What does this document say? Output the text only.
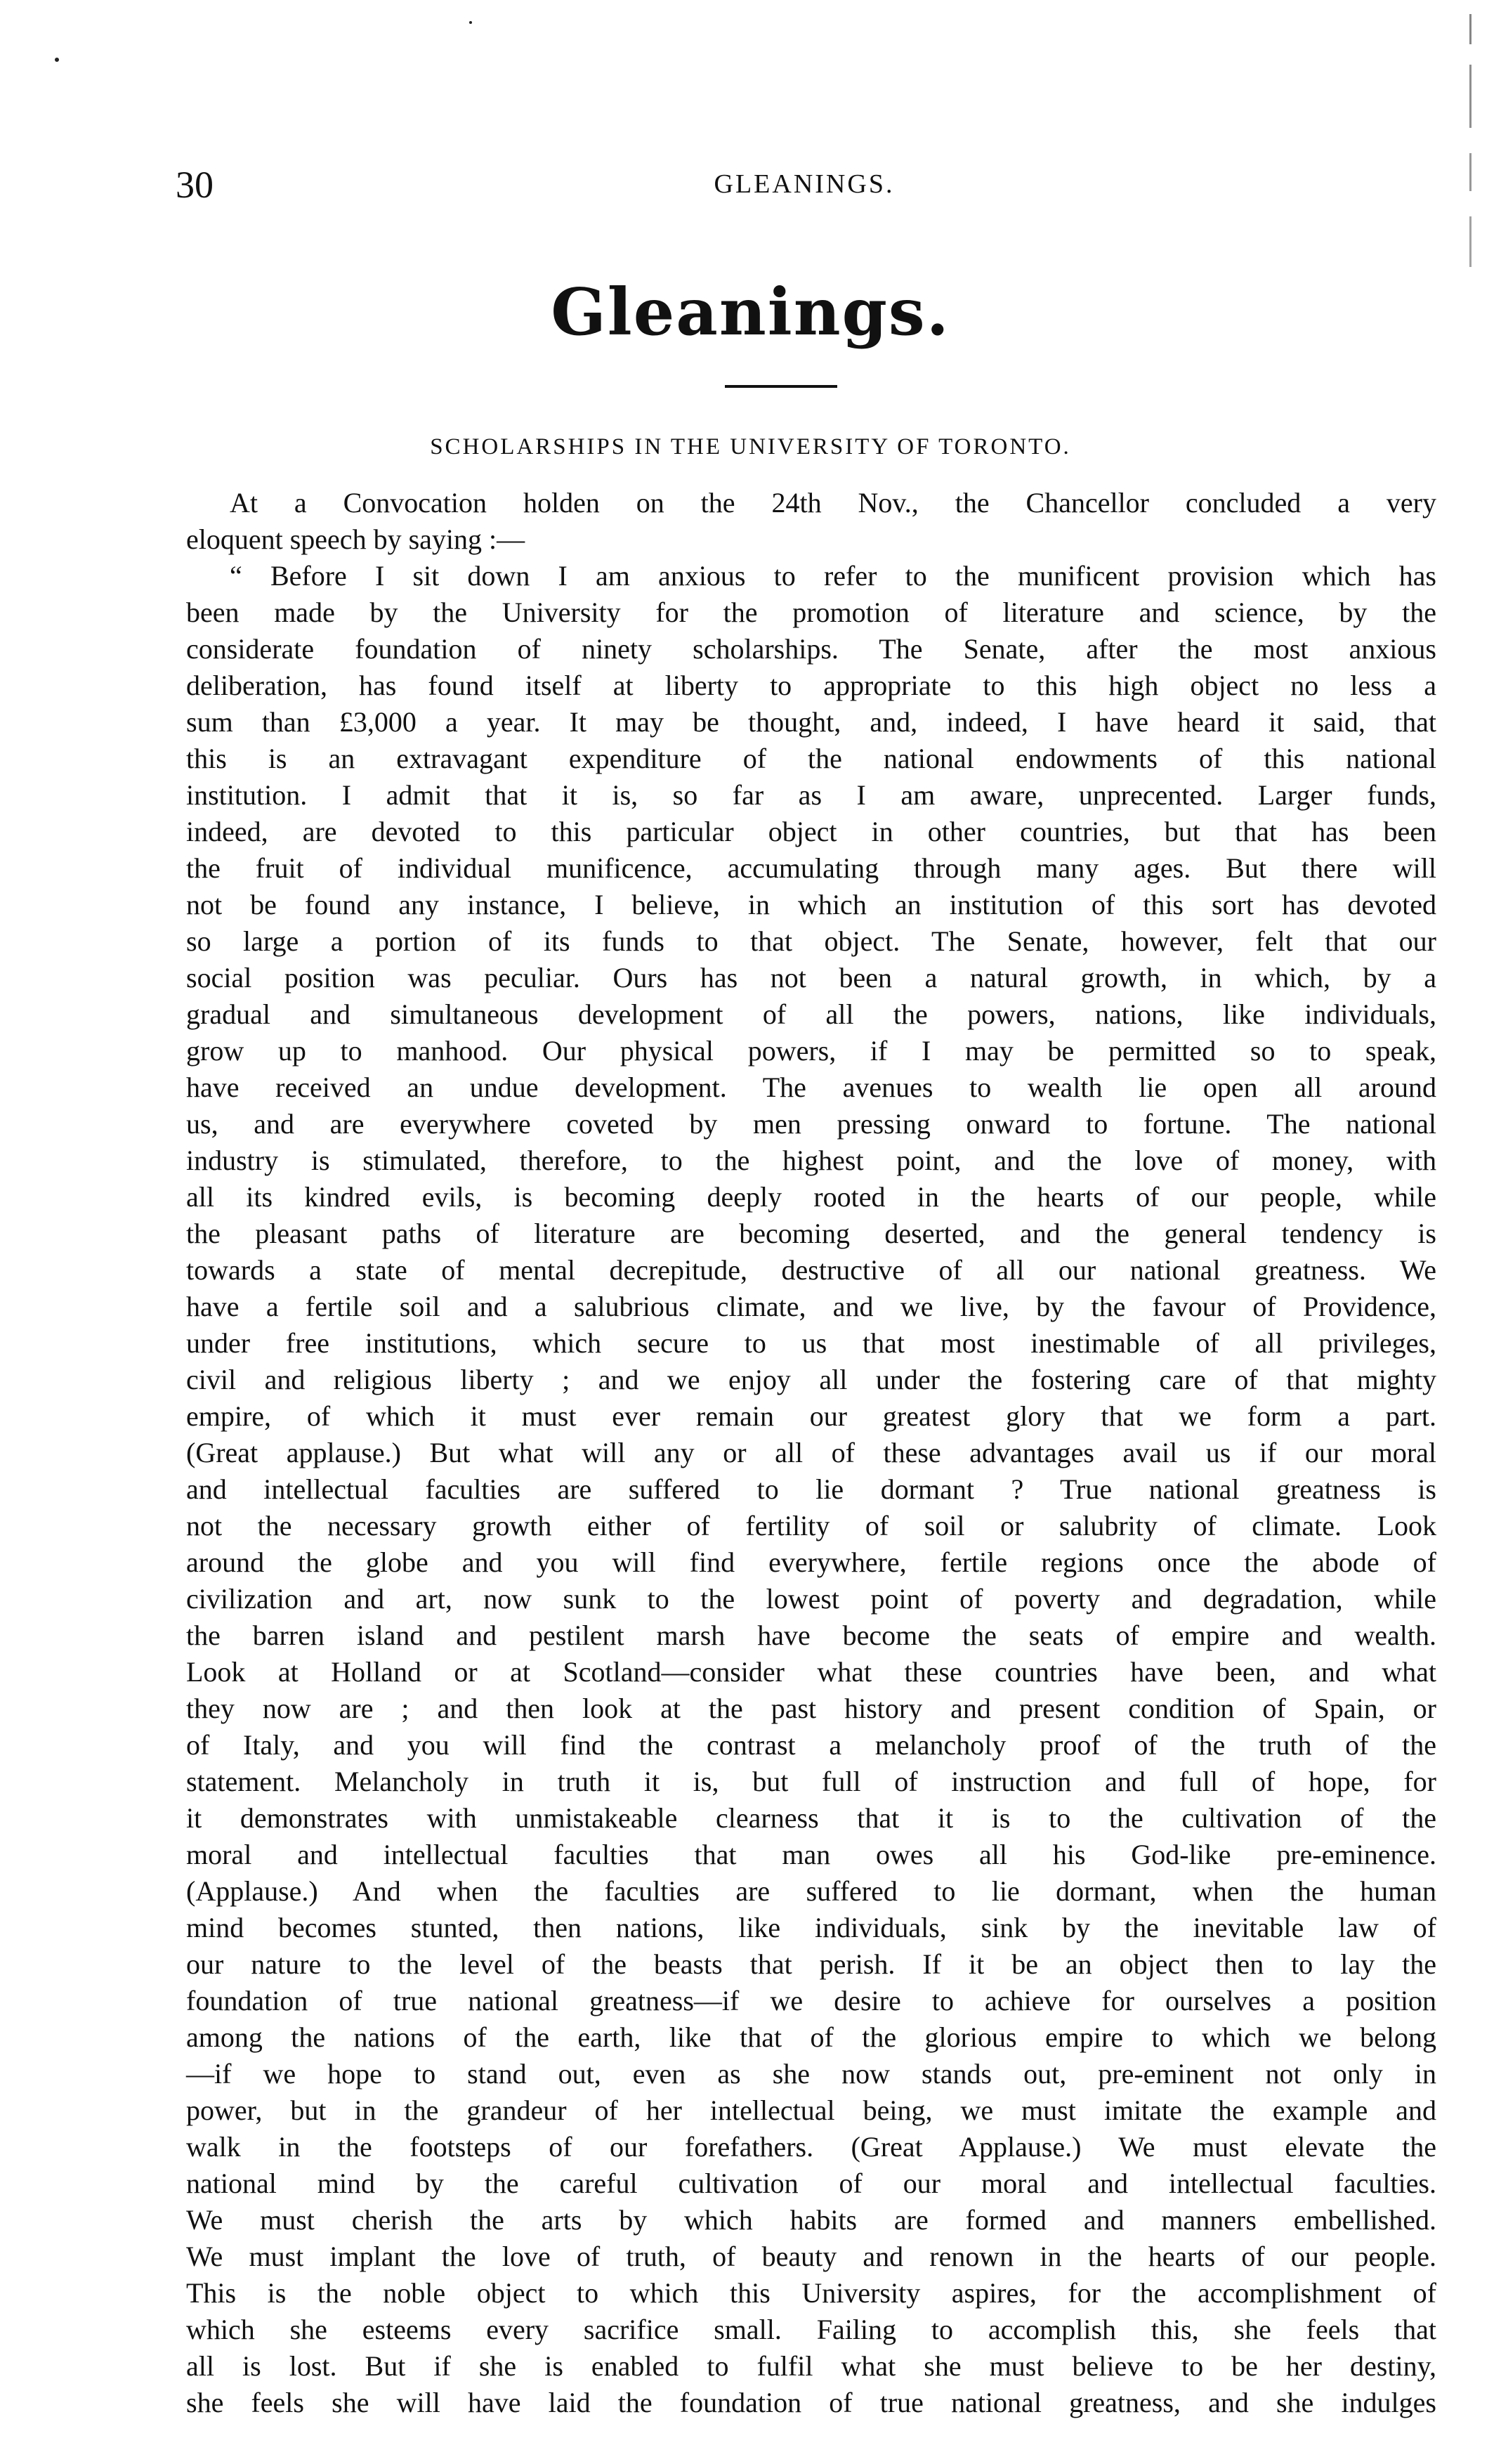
30	GLEANINGS.
Gleanings.
SCHOLARSHIPS IN THE UNIVERSITY OF TORONTO.
At a Convocation holden on the 24th Nov., the Chancellor concluded a very
eloquent speech by saying :—
“ Before I sit down I am anxious to refer to the munificent provision which has
been made by the University for the promotion of literature and science, by the
considerate foundation of ninety scholarships. The Senate, after the most anxious
deliberation, has found itself at liberty to appropriate to this high object no less a
sum than £3,000 a year. It may be thought, and, indeed, I have heard it said, that
this is an extravagant expenditure of the national endowments of this national
institution. I admit that it is, so far as I am aware, unprecented. Larger funds,
indeed, are devoted to this particular object in other countries, but that has been
the fruit of individual munificence, accumulating through many ages. But there will
not be found any instance, I believe, in which an institution of this sort has devoted
so large a portion of its funds to that object. The Senate, however, felt that our
social position was peculiar. Ours has not been a natural growth, in which, by a
gradual and simultaneous development of all the powers, nations, like individuals,
grow up to manhood. Our physical powers, if I may be permitted so to speak,
have received an undue development. The avenues to wealth lie open all around
us, and are everywhere coveted by men pressing onward to fortune. The national
industry is stimulated, therefore, to the highest point, and the love of money, with
all its kindred evils, is becoming deeply rooted in the hearts of our people, while
the pleasant paths of literature are becoming deserted, and the general tendency is
towards a state of mental decrepitude, destructive of all our national greatness. We
have a fertile soil and a salubrious climate, and we live, by the favour of Providence,
under free institutions, which secure to us that most inestimable of all privileges,
civil and religious liberty ; and we enjoy all under the fostering care of that mighty
empire, of which it must ever remain our greatest glory that we form a part.
(Great applause.) But what will any or all of these advantages avail us if our moral
and intellectual faculties are suffered to lie dormant ? True national greatness is
not the necessary growth either of fertility of soil or salubrity of climate. Look
around the globe and you will find everywhere, fertile regions once the abode of
civilization and art, now sunk to the lowest point of poverty and degradation, while
the barren island and pestilent marsh have become the seats of empire and wealth.
Look at Holland or at Scotland—consider what these countries have been, and what
they now are ; and then look at the past history and present condition of Spain, or
of Italy, and you will find the contrast a melancholy proof of the truth of the
statement. Melancholy in truth it is, but full of instruction and full of hope, for
it demonstrates with unmistakeable clearness that it is to the cultivation of the
moral and intellectual faculties that man owes all his God-like pre-eminence.
(Applause.) And when the faculties are suffered to lie dormant, when the human
mind becomes stunted, then nations, like individuals, sink by the inevitable law of
our nature to the level of the beasts that perish. If it be an object then to lay the
foundation of true national greatness—if we desire to achieve for ourselves a position
among the nations of the earth, like that of the glorious empire to which we belong
—if we hope to stand out, even as she now stands out, pre-eminent not only in
power, but in the grandeur of her intellectual being, we must imitate the example and
walk in the footsteps of our forefathers. (Great Applause.) We must elevate the
national mind by the careful cultivation of our moral and intellectual faculties.
We must cherish the arts by which habits are formed and manners embellished.
We must implant the love of truth, of beauty and renown in the hearts of our people.
This is the noble object to which this University aspires, for the accomplishment of
which she esteems every sacrifice small. Failing to accomplish this, she feels that
all is lost. But if she is enabled to fulfil what she must believe to be her destiny,
she feels she will have laid the foundation of true national greatness, and she indulges
